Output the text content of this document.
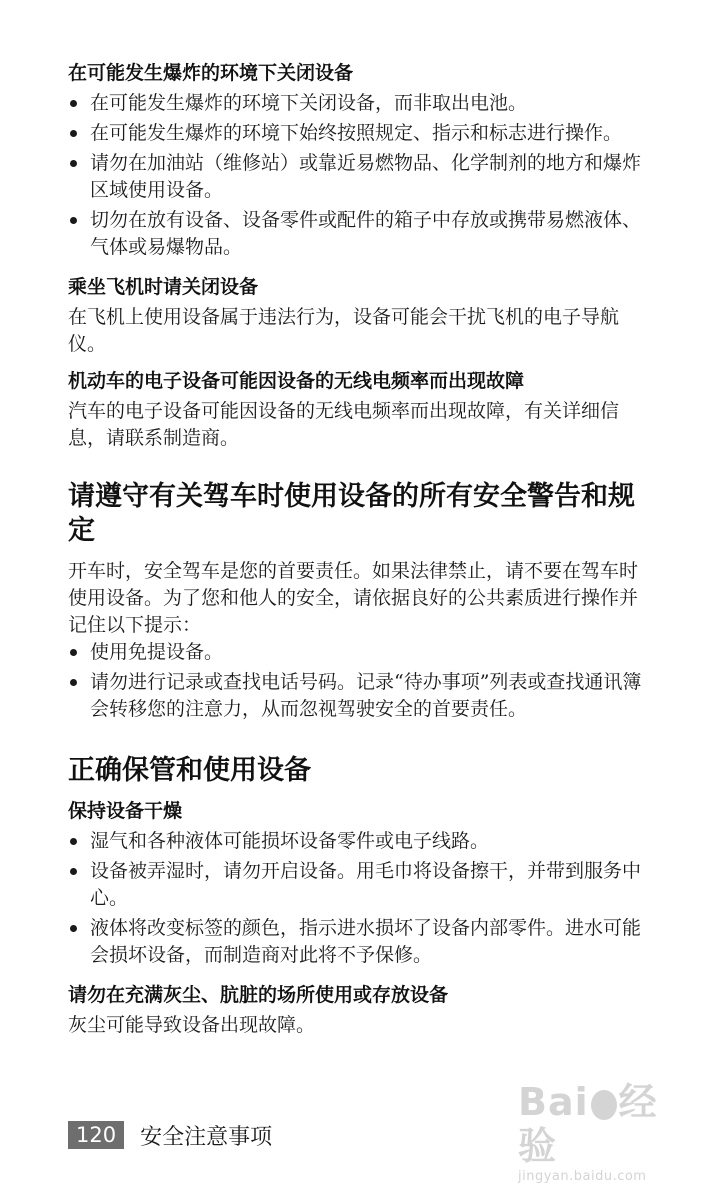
在可能发生爆炸的环境下关闭设备
在可能发生爆炸的环境下关闭设备，而非取出电池。
在可能发生爆炸的环境下始终按照规定、指示和标志进行操作。
请勿在加油站（维修站）或靠近易燃物品、化学制剂的地方和爆炸区域使用设备。
切勿在放有设备、设备零件或配件的箱子中存放或携带易燃液体、气体或易爆物品。
乘坐飞机时请关闭设备

在飞机上使用设备属于违法行为，设备可能会干扰飞机的电子导航仪。

机动车的电子设备可能因设备的无线电频率而出现故障

汽车的电子设备可能因设备的无线电频率而出现故障，有关详细信息，请联系制造商。

请遵守有关驾车时使用设备的所有安全警告和规定

开车时，安全驾车是您的首要责任。如果法律禁止，请不要在驾车时使用设备。为了您和他人的安全，请依据良好的公共素质进行操作并记住以下提示：

使用免提设备。
请勿进行记录或查找电话号码。记录“待办事项”列表或查找通讯簿会转移您的注意力，从而忽视驾驶安全的首要责任。
正确保管和使用设备
保持设备干燥
湿气和各种液体可能损坏设备零件或电子线路。
设备被弄湿时，请勿开启设备。用毛巾将设备擦干，并带到服务中心。
液体将改变标签的颜色，指示进水损坏了设备内部零件。进水可能会损坏设备，而制造商对此将不予保修。
请勿在充满灰尘、肮脏的场所使用或存放设备

灰尘可能导致设备出现故障。

Bai 经验
jingyan.baidu.com
120	安全注意事项
